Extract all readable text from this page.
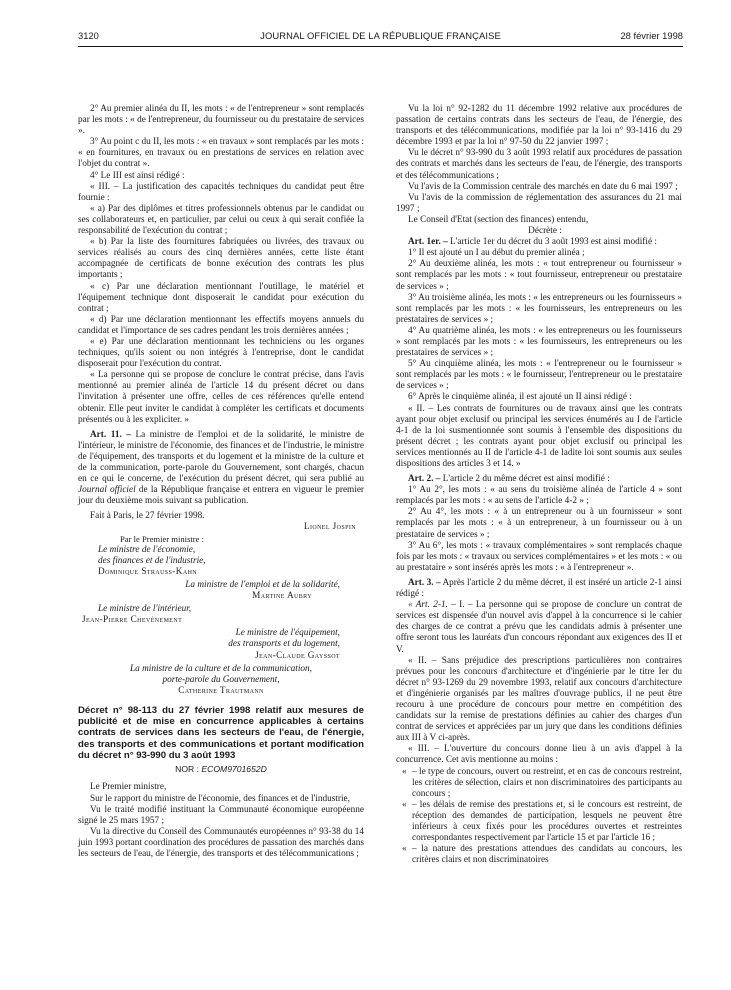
3120	JOURNAL OFFICIEL DE LA RÉPUBLIQUE FRANÇAISE	28 février 1998

2° Au premier alinéa du II, les mots : « de l'entrepreneur » sont remplacés par les mots : « de l'entrepreneur, du fournisseur ou du prestataire de services ».

3° Au point c du II, les mots : « en travaux » sont remplacés par les mots : « en fournitures, en travaux ou en prestations de services en relation avec l'objet du contrat ».

4° Le III est ainsi rédigé :

« III. – La justification des capacités techniques du candidat peut être fournie :

« a) Par des diplômes et titres professionnels obtenus par le candidat ou ses collaborateurs et, en particulier, par celui ou ceux à qui serait confiée la responsabilité de l'exécution du contrat ;

« b) Par la liste des fournitures fabriquées ou livrées, des travaux ou services réalisés au cours des cinq dernières années, cette liste étant accompagnée de certificats de bonne exécution des contrats les plus importants ;

« c) Par une déclaration mentionnant l'outillage, le matériel et l'équipement technique dont disposerait le candidat pour exécution du contrat ;

« d) Par une déclaration mentionnant les effectifs moyens annuels du candidat et l'importance de ses cadres pendant les trois dernières années ;

« e) Par une déclaration mentionnant les techniciens ou les organes techniques, qu'ils soient ou non intégrés à l'entreprise, dont le candidat disposerait pour l'exécution du contrat.

« La personne qui se propose de conclure le contrat précise, dans l'avis mentionné au premier alinéa de l'article 14 du présent décret ou dans l'invitation à présenter une offre, celles de ces références qu'elle entend obtenir. Elle peut inviter le candidat à compléter les certificats et documents présentés ou à les expliciter. »

Art. 11. – La ministre de l'emploi et de la solidarité, le ministre de l'intérieur, le ministre de l'économie, des finances et de l'industrie, le ministre de l'équipement, des transports et du logement et la ministre de la culture et de la communication, porte-parole du Gouvernement, sont chargés, chacun en ce qui le concerne, de l'exécution du présent décret, qui sera publié au Journal officiel de la République française et entrera en vigueur le premier jour du deuxième mois suivant sa publication.

Fait à Paris, le 27 février 1998.

Lionel Jospin

Par le Premier ministre :

Le ministre de l'économie,
des finances et de l'industrie,
Dominique Strauss-Kahn
La ministre de l'emploi et de la solidarité,
Martine Aubry
Le ministre de l'intérieur,
Jean-Pierre Chevènement
Le ministre de l'équipement,
des transports et du logement,
Jean-Claude Gayssot
La ministre de la culture et de la communication,
porte-parole du Gouvernement,
Catherine Trautmann
Décret n° 98-113 du 27 février 1998 relatif aux mesures de publicité et de mise en concurrence applicables à certains contrats de services dans les secteurs de l'eau, de l'énergie, des transports et des communications et portant modification du décret n° 93-990 du 3 août 1993
NOR : ECOM9701652D

Le Premier ministre,

Sur le rapport du ministre de l'économie, des finances et de l'industrie,

Vu le traité modifié instituant la Communauté économique européenne signé le 25 mars 1957 ;

Vu la directive du Conseil des Communautés européennes n° 93-38 du 14 juin 1993 portant coordination des procédures de passation des marchés dans les secteurs de l'eau, de l'énergie, des transports et des télécommunications ;

Vu la loi n° 92-1282 du 11 décembre 1992 relative aux procédures de passation de certains contrats dans les secteurs de l'eau, de l'énergie, des transports et des télécommunications, modifiée par la loi n° 93-1416 du 29 décembre 1993 et par la loi n° 97-50 du 22 janvier 1997 ;

Vu le décret n° 93-990 du 3 août 1993 relatif aux procédures de passation des contrats et marchés dans les secteurs de l'eau, de l'énergie, des transports et des télécommunications ;

Vu l'avis de la Commission centrale des marchés en date du 6 mai 1997 ;

Vu l'avis de la commission de réglementation des assurances du 21 mai 1997 ;

Le Conseil d'Etat (section des finances) entendu,

Décrète :

Art. 1er. – L'article 1er du décret du 3 août 1993 est ainsi modifié :

1° Il est ajouté un I au début du premier alinéa ;

2° Au deuxième alinéa, les mots : « tout entrepreneur ou fournisseur » sont remplacés par les mots : « tout fournisseur, entrepreneur ou prestataire de services » ;

3° Au troisième alinéa, les mots : « les entrepreneurs ou les fournisseurs » sont remplacés par les mots : « les fournisseurs, les entrepreneurs ou les prestataires de services » ;

4° Au quatrième alinéa, les mots : « les entrepreneurs ou les fournisseurs » sont remplacés par les mots : « les fournisseurs, les entrepreneurs ou les prestataires de services » ;

5° Au cinquième alinéa, les mots : « l'entrepreneur ou le fournisseur » sont remplacés par les mots : « le fournisseur, l'entrepreneur ou le prestataire de services » ;

6° Après le cinquième alinéa, il est ajouté un II ainsi rédigé :

« II. – Les contrats de fournitures ou de travaux ainsi que les contrats ayant pour objet exclusif ou principal les services énumérés au I de l'article 4-1 de la loi susmentionnée sont soumis à l'ensemble des dispositions du présent décret ; les contrats ayant pour objet exclusif ou principal les services mentionnés au II de l'article 4-1 de ladite loi sont soumis aux seules dispositions des articles 3 et 14. »

Art. 2. – L'article 2 du même décret est ainsi modifié :

1° Au 2°, les mots : « au sens du troisième alinéa de l'article 4 » sont remplacés par les mots : « au sens de l'article 4-2 » ;

2° Au 4°, les mots : « à un entrepreneur ou à un fournisseur » sont remplacés par les mots : « à un entrepreneur, à un fournisseur ou à un prestataire de services » ;

3° Au 6°, les mots : « travaux complémentaires » sont remplacés chaque fois par les mots : « travaux ou services complémentaires » et les mots : « ou au prestataire » sont insérés après les mots : « à l'entrepreneur ».

Art. 3. – Après l'article 2 du même décret, il est inséré un article 2-1 ainsi rédigé :

« Art. 2-1. – I. – La personne qui se propose de conclure un contrat de services est dispensée d'un nouvel avis d'appel à la concurrence si le cahier des charges de ce contrat a prévu que les candidats admis à présenter une offre seront tous les lauréats d'un concours répondant aux exigences des II et V.

« II. – Sans préjudice des prescriptions particulières non contraires prévues pour les concours d'architecture et d'ingénierie par le titre Ier du décret n° 93-1269 du 29 novembre 1993, relatif aux concours d'architecture et d'ingénierie organisés par les maîtres d'ouvrage publics, il ne peut être recouru à une procédure de concours pour mettre en compétition des candidats sur la remise de prestations définies au cahier des charges d'un contrat de services et appréciées par un jury que dans les conditions définies aux III à V ci-après.

« III. – L'ouverture du concours donne lieu à un avis d'appel à la concurrence. Cet avis mentionne au moins :

« – le type de concours, ouvert ou restreint, et en cas de concours restreint, les critères de sélection, clairs et non discriminatoires des participants au concours ;
« – les délais de remise des prestations et, si le concours est restreint, de réception des demandes de participation, lesquels ne peuvent être inférieurs à ceux fixés pour les procédures ouvertes et restreintes correspondantes respectivement par l'article 15 et par l'article 16 ;
« – la nature des prestations attendues des candidats au concours, les critères clairs et non discriminatoires
